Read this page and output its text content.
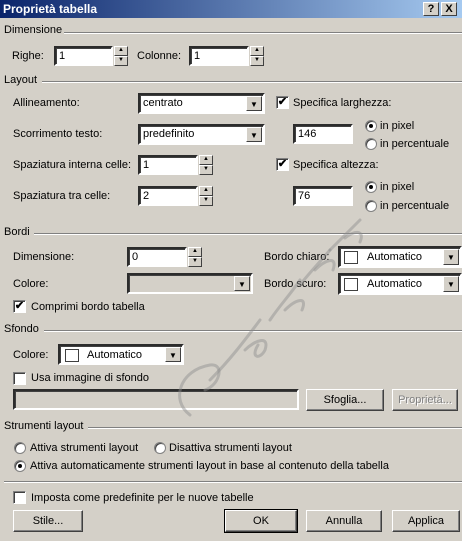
Proprietà tabella	? X
Dimensione
Righe:	1	▲
▼	Colonne:	1	▲
▼
Layout
Allineamento:	centrato	▼
Scorrimento testo:	predefinito	▼
Spaziatura interna celle:	1	▲
▼
Spaziatura tra celle:	2	▲
▼
✔ Specifica larghezza:
146
in pixel
in percentuale
✔ Specifica altezza:
76
in pixel
in percentuale
Bordi
Dimensione:	0	▲
▼
Colore:	▼
✔ Comprimi bordo tabella
Bordo chiaro:	Automatico	▼
Bordo scuro:	Automatico	▼
Sfondo
Colore:	Automatico	▼
Usa immagine di sfondo
Sfoglia...	Proprietà...
Strumenti layout
Attiva strumenti layout	Disattiva strumenti layout
Attiva automaticamente strumenti layout in base al contenuto della tabella
Imposta come predefinite per le nuove tabelle
Stile...	OK	Annulla	Applica
